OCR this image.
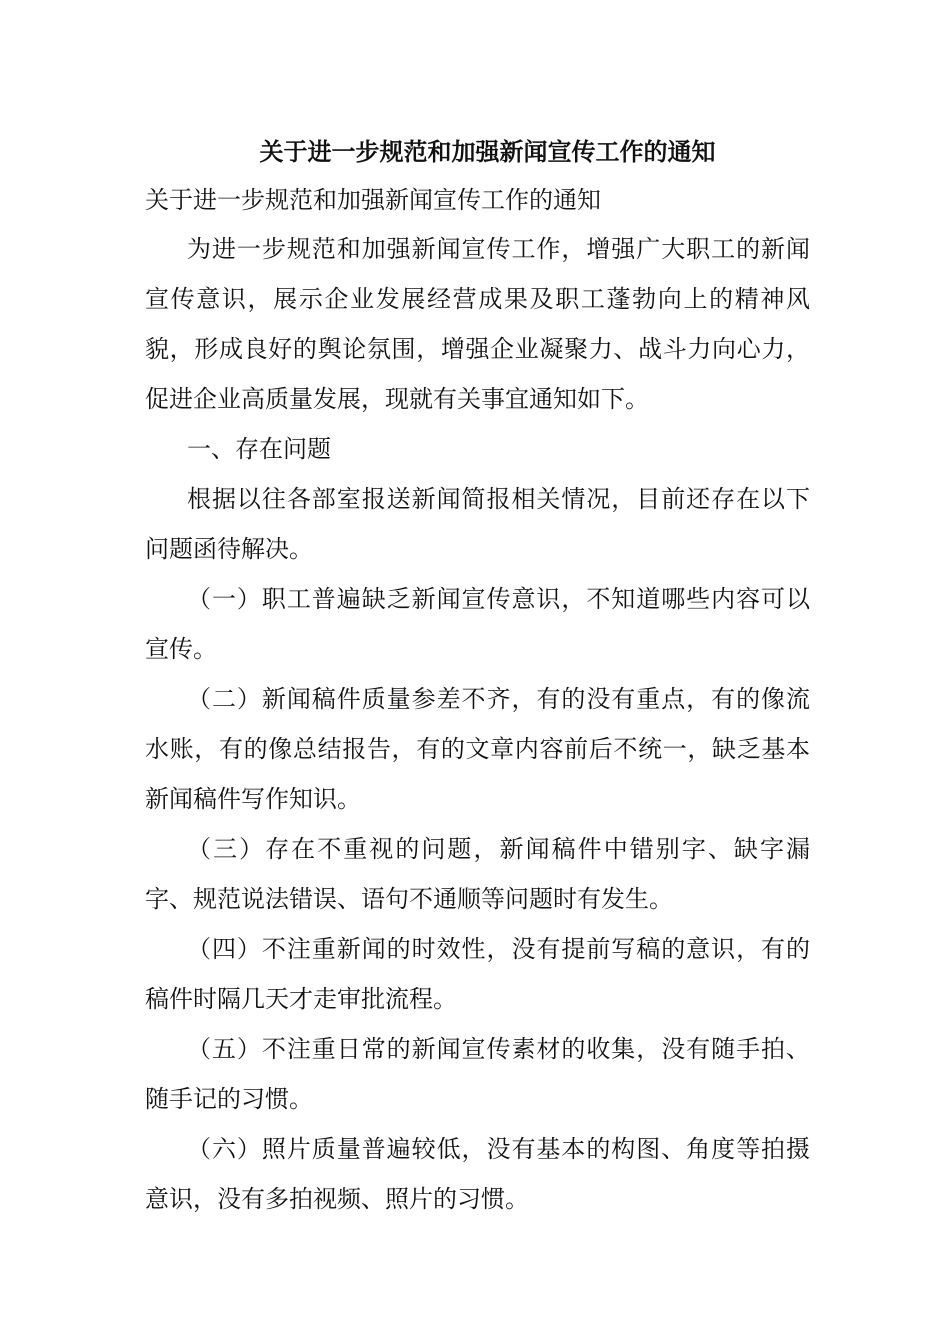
关于进一步规范和加强新闻宣传工作的通知
关于进一步规范和加强新闻宣传工作的通知

为进一步规范和加强新闻宣传工作，增强广大职工的新闻宣传意识，展示企业发展经营成果及职工蓬勃向上的精神风貌，形成良好的舆论氛围，增强企业凝聚力、战斗力向心力，促进企业高质量发展，现就有关事宜通知如下。

一、存在问题

根据以往各部室报送新闻简报相关情况，目前还存在以下问题函待解决。

（一）职工普遍缺乏新闻宣传意识，不知道哪些内容可以宣传。

（二）新闻稿件质量参差不齐，有的没有重点，有的像流水账，有的像总结报告，有的文章内容前后不统一，缺乏基本新闻稿件写作知识。

（三）存在不重视的问题，新闻稿件中错别字、缺字漏字、规范说法错误、语句不通顺等问题时有发生。

（四）不注重新闻的时效性，没有提前写稿的意识，有的稿件时隔几天才走审批流程。

（五）不注重日常的新闻宣传素材的收集，没有随手拍、随手记的习惯。

（六）照片质量普遍较低，没有基本的构图、角度等拍摄意识，没有多拍视频、照片的习惯。
